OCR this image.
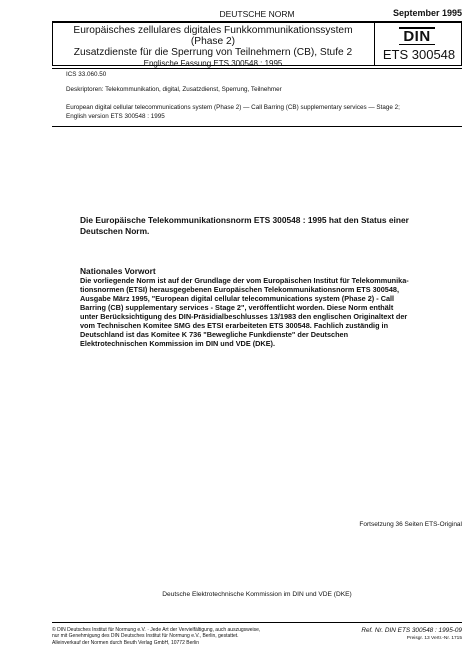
DEUTSCHE NORM	September 1995
Europäisches zellulares digitales Funkkommunikationssystem
(Phase 2)
Zusatzdienste für die Sperrung von Teilnehmern (CB), Stufe 2
Englische Fassung ETS 300548 : 1995
DIN
ETS 300548
ICS 33.060.50
Deskriptoren: Telekommunikation, digital, Zusatzdienst, Sperrung, Teilnehmer
European digital cellular telecommunications system (Phase 2) — Call Barring (CB) supplementary services — Stage 2;
English version ETS 300548 : 1995
Die Europäische Telekommunikationsnorm ETS 300548 : 1995 hat den Status einer
Deutschen Norm.
Nationales Vorwort
Die vorliegende Norm ist auf der Grundlage der vom Europäischen Institut für Telekommunika-
tionsnormen (ETSI) herausgegebenen Europäischen Telekommunikationsnorm ETS 300548,
Ausgabe März 1995, "European digital cellular telecommunications system (Phase 2) - Call
Barring (CB) supplementary services - Stage 2", veröffentlicht worden. Diese Norm enthält
unter Berücksichtigung des DIN-Präsidialbeschlusses 13/1983 den englischen Originaltext der
vom Technischen Komitee SMG des ETSI erarbeiteten ETS 300548. Fachlich zuständig in
Deutschland ist das Komitee K 736 "Bewegliche Funkdienste" der Deutschen
Elektrotechnischen Kommission im DIN und VDE (DKE).
Fortsetzung 36 Seiten ETS-Original
Deutsche Elektrotechnische Kommission im DIN und VDE (DKE)
© DIN Deutsches Institut für Normung e.V. · Jede Art der Vervielfältigung, auch auszugsweise,
nur mit Genehmigung des DIN Deutsches Institut für Normung e.V., Berlin, gestattet.
Alleinverkauf der Normen durch Beuth Verlag GmbH, 10772 Berlin
Ref. Nr. DIN ETS 300548 : 1995-09
Preisgr. 13 Vertr.-Nr. 1715
